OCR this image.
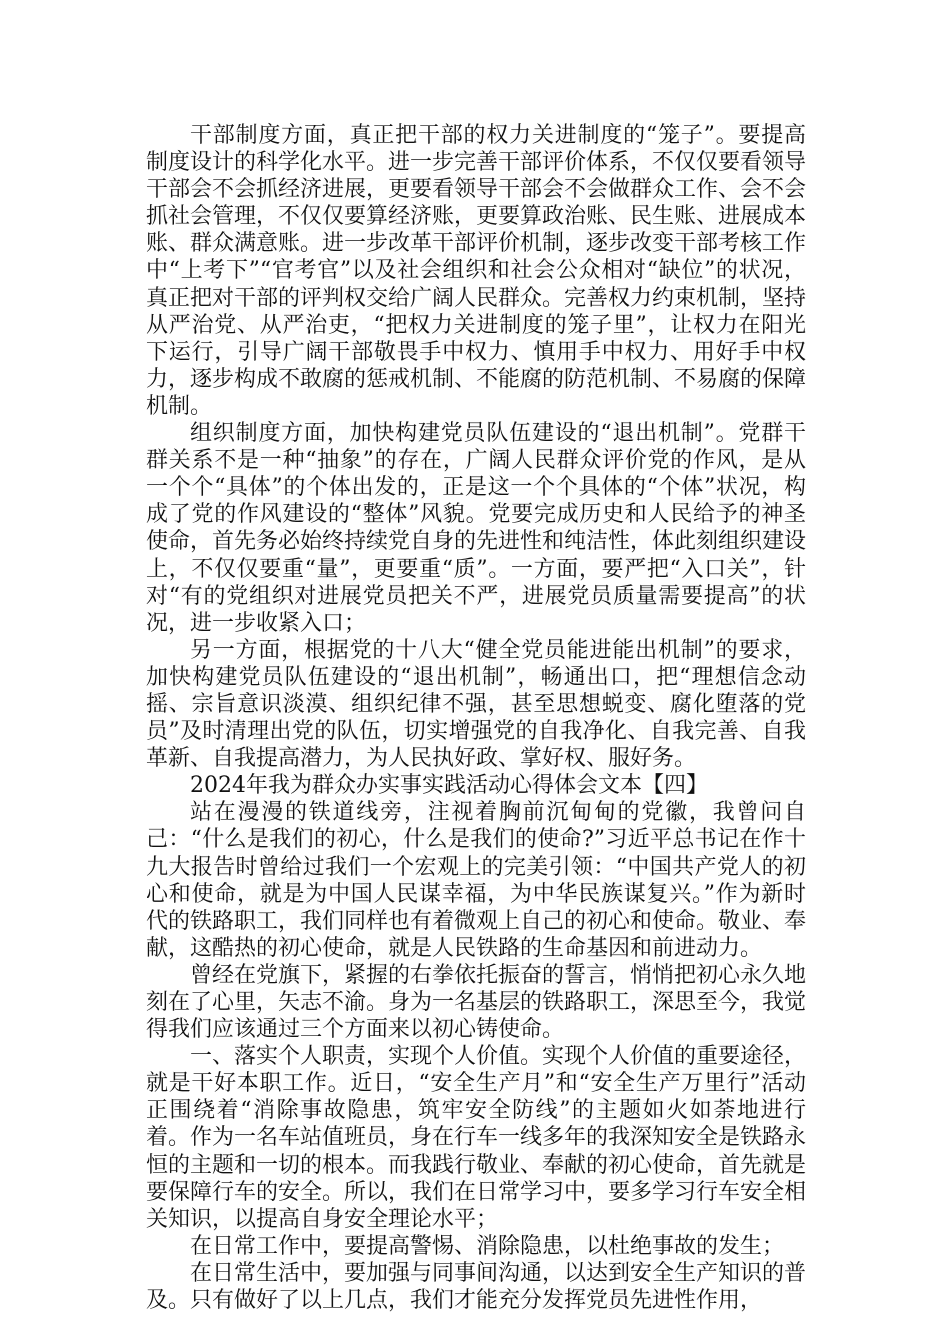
干部制度方面，真正把干部的权力关进制度的“笼子”。要提高制度设计的科学化水平。进一步完善干部评价体系，不仅仅要看领导干部会不会抓经济进展，更要看领导干部会不会做群众工作、会不会抓社会管理，不仅仅要算经济账，更要算政治账、民生账、进展成本账、群众满意账。进一步改革干部评价机制，逐步改变干部考核工作中“上考下”“官考官”以及社会组织和社会公众相对“缺位”的状况，真正把对干部的评判权交给广阔人民群众。完善权力约束机制，坚持从严治党、从严治吏，“把权力关进制度的笼子里”，让权力在阳光下运行，引导广阔干部敬畏手中权力、慎用手中权力、用好手中权力，逐步构成不敢腐的惩戒机制、不能腐的防范机制、不易腐的保障机制。

组织制度方面，加快构建党员队伍建设的“退出机制”。党群干群关系不是一种“抽象”的存在，广阔人民群众评价党的作风，是从一个个“具体”的个体出发的，正是这一个个具体的“个体”状况，构成了党的作风建设的“整体”风貌。党要完成历史和人民给予的神圣使命，首先务必始终持续党自身的先进性和纯洁性，体此刻组织建设上，不仅仅要重“量”，更要重“质”。一方面，要严把“入口关”，针对“有的党组织对进展党员把关不严，进展党员质量需要提高”的状况，进一步收紧入口；

另一方面，根据党的十八大“健全党员能进能出机制”的要求，加快构建党员队伍建设的“退出机制”，畅通出口，把“理想信念动摇、宗旨意识淡漠、组织纪律不强，甚至思想蜕变、腐化堕落的党员”及时清理出党的队伍，切实增强党的自我净化、自我完善、自我革新、自我提高潜力，为人民执好政、掌好权、服好务。

2024年我为群众办实事实践活动心得体会文本【四】

站在漫漫的铁道线旁，注视着胸前沉甸甸的党徽，我曾问自己：“什么是我们的初心，什么是我们的使命?”习近平总书记在作十九大报告时曾给过我们一个宏观上的完美引领：“中国共产党人的初心和使命，就是为中国人民谋幸福，为中华民族谋复兴。”作为新时代的铁路职工，我们同样也有着微观上自己的初心和使命。敬业、奉献，这酷热的初心使命，就是人民铁路的生命基因和前进动力。

曾经在党旗下，紧握的右拳依托振奋的誓言，悄悄把初心永久地刻在了心里，矢志不渝。身为一名基层的铁路职工，深思至今，我觉得我们应该通过三个方面来以初心铸使命。

一、落实个人职责，实现个人价值。实现个人价值的重要途径，就是干好本职工作。近日，“安全生产月”和“安全生产万里行”活动正围绕着“消除事故隐患，筑牢安全防线”的主题如火如荼地进行着。作为一名车站值班员，身在行车一线多年的我深知安全是铁路永恒的主题和一切的根本。而我践行敬业、奉献的初心使命，首先就是要保障行车的安全。所以，我们在日常学习中，要多学习行车安全相关知识，以提高自身安全理论水平；

在日常工作中，要提高警惕、消除隐患，以杜绝事故的发生；

在日常生活中，要加强与同事间沟通，以达到安全生产知识的普及。只有做好了以上几点，我们才能充分发挥党员先进性作用，
